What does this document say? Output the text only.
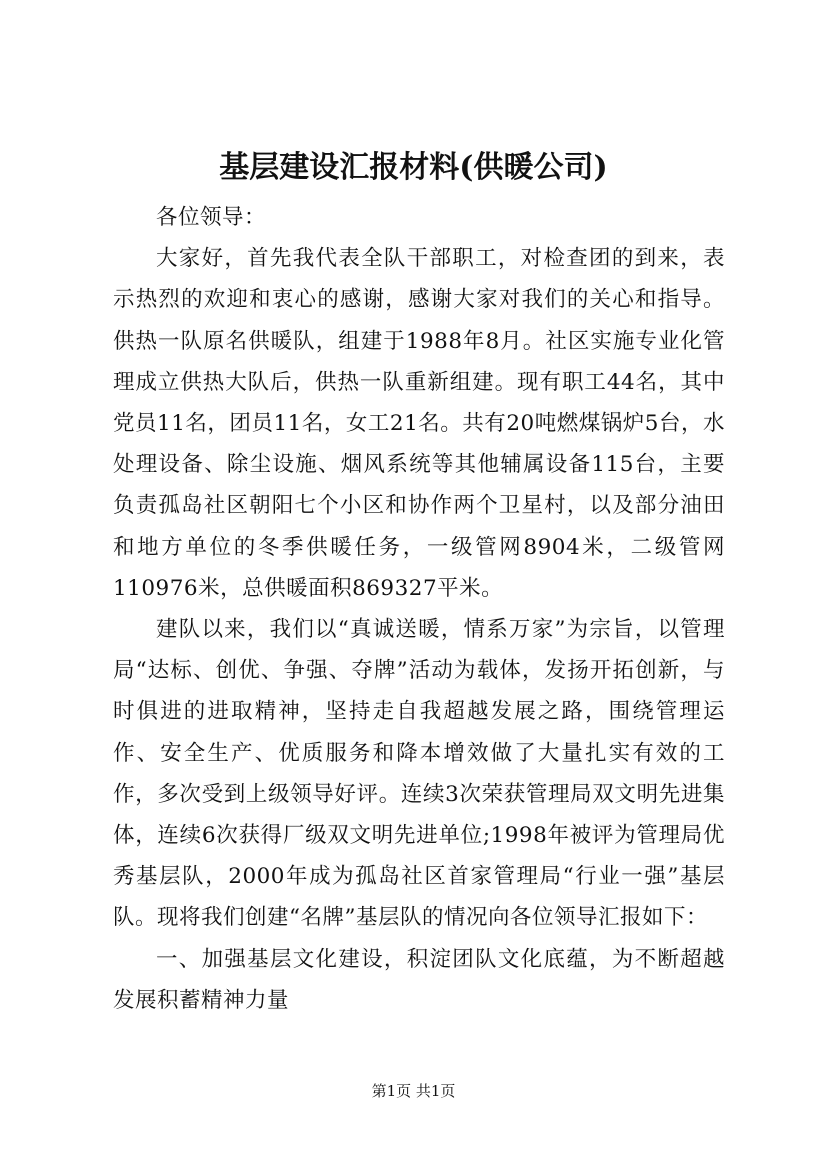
基层建设汇报材料(供暖公司)

各位领导：

大家好，首先我代表全队干部职工，对检查团的到来，表示热烈的欢迎和衷心的感谢，感谢大家对我们的关心和指导。供热一队原名供暖队，组建于1988年8月。社区实施专业化管理成立供热大队后，供热一队重新组建。现有职工44名，其中党员11名，团员11名，女工21名。共有20吨燃煤锅炉5台，水处理设备、除尘设施、烟风系统等其他辅属设备115台，主要负责孤岛社区朝阳七个小区和协作两个卫星村，以及部分油田和地方单位的冬季供暖任务，一级管网8904米，二级管网110976米，总供暖面积869327平米。

建队以来，我们以“真诚送暖，情系万家”为宗旨，以管理局“达标、创优、争强、夺牌”活动为载体，发扬开拓创新，与时俱进的进取精神，坚持走自我超越发展之路，围绕管理运作、安全生产、优质服务和降本增效做了大量扎实有效的工作，多次受到上级领导好评。连续3次荣获管理局双文明先进集体，连续6次获得厂级双文明先进单位;1998年被评为管理局优秀基层队，2000年成为孤岛社区首家管理局“行业一强”基层队。现将我们创建“名牌”基层队的情况向各位领导汇报如下：

一、加强基层文化建设，积淀团队文化底蕴，为不断超越发展积蓄精神力量

第1页 共1页
